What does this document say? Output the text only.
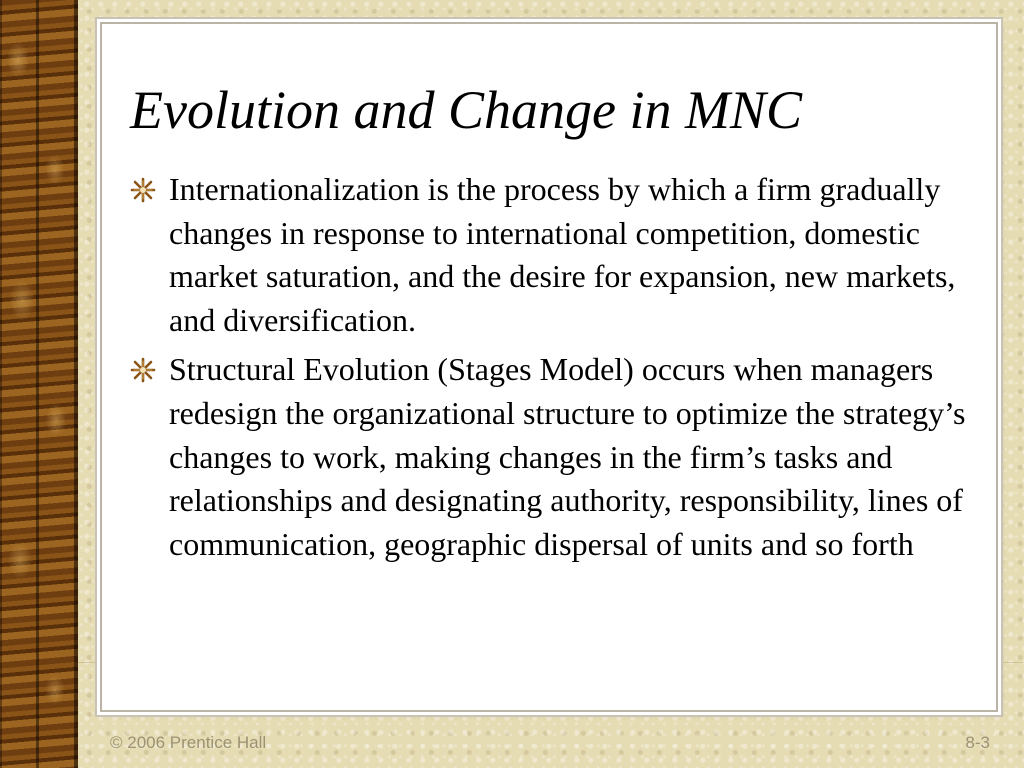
Evolution and Change in MNC
Internationalization is the process by which a firm gradually changes in response to international competition, domestic market saturation, and the desire for expansion, new markets, and diversification.
Structural Evolution (Stages Model) occurs when managers redesign the organizational structure to optimize the strategy’s changes to work, making changes in the firm’s tasks and relationships and designating authority, responsibility, lines of communication, geographic dispersal of units and so forth
© 2006 Prentice Hall	8-3
